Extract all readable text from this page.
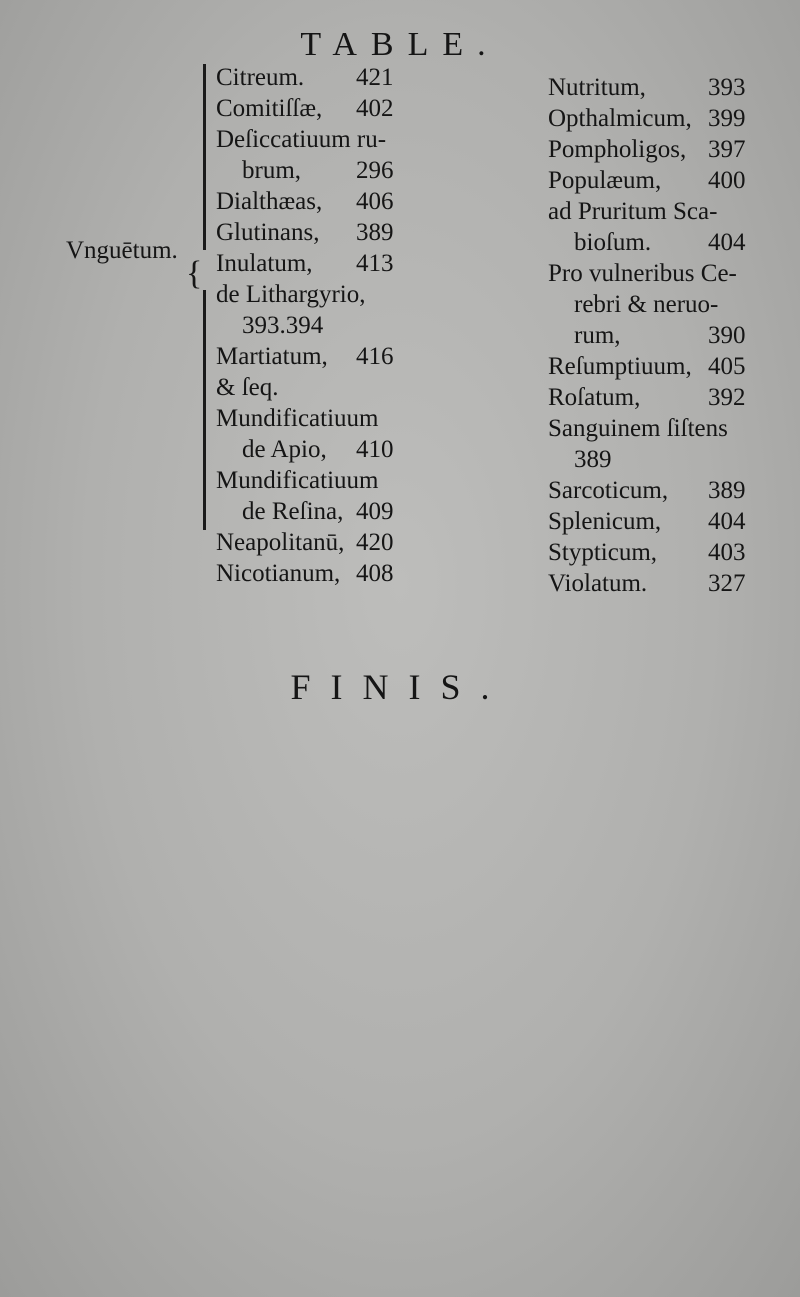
TABLE.
Vnguētum.
{
Citreum. 421
Comitiſſæ, 402
Deſiccatiuum ru-
brum, 296
Dialthæas, 406
Glutinans, 389
Inulatum, 413
de Lithargyrio,
393.394
Martiatum, 416
& ſeq.
Mundificatiuum
de Apio, 410
Mundificatiuum
de Reſina, 409
Neapolitanū, 420
Nicotianum, 408
Nutritum, 393
Opthalmicum, 399
Pompholigos, 397
Populæum, 400
ad Pruritum Sca-
bioſum. 404
Pro vulneribus Ce-
rebri & neruo-
rum,	390
Reſumptiuum, 405
Roſatum,	392
Sanguinem ſiſtens
389
Sarcoticum, 389
Splenicum, 404
Stypticum, 403
Violatum. 327
FINIS.
